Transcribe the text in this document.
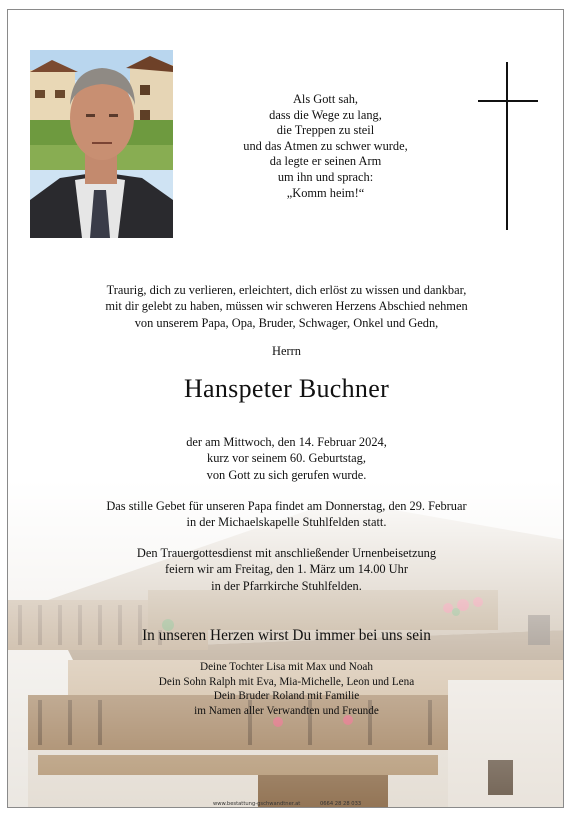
Als Gott sah,
dass die Wege zu lang,
die Treppen zu steil
und das Atmen zu schwer wurde,
da legte er seinen Arm
um ihn und sprach:
„Komm heim!“
Traurig, dich zu verlieren, erleichtert, dich erlöst zu wissen und dankbar,
mit dir gelebt zu haben, müssen wir schweren Herzens Abschied nehmen
von unserem Papa, Opa, Bruder, Schwager, Onkel und Gedn,
Herrn
Hanspeter Buchner
der am Mittwoch, den 14. Februar 2024,
kurz vor seinem 60. Geburtstag,
von Gott zu sich gerufen wurde.
Das stille Gebet für unseren Papa findet am Donnerstag, den 29. Februar
in der Michaelskapelle Stuhlfelden statt.
Den Trauergottesdienst mit anschließender Urnenbeisetzung
feiern wir am Freitag, den 1. März um 14.00 Uhr
in der Pfarrkirche Stuhlfelden.
In unseren Herzen wirst Du immer bei uns sein
Deine Tochter Lisa mit Max und Noah
Dein Sohn Ralph mit Eva, Mia-Michelle, Leon und Lena
Dein Bruder Roland mit Familie
im Namen aller Verwandten und Freunde
www.bestattung-gschwandtner.at	0664 28 28 033
